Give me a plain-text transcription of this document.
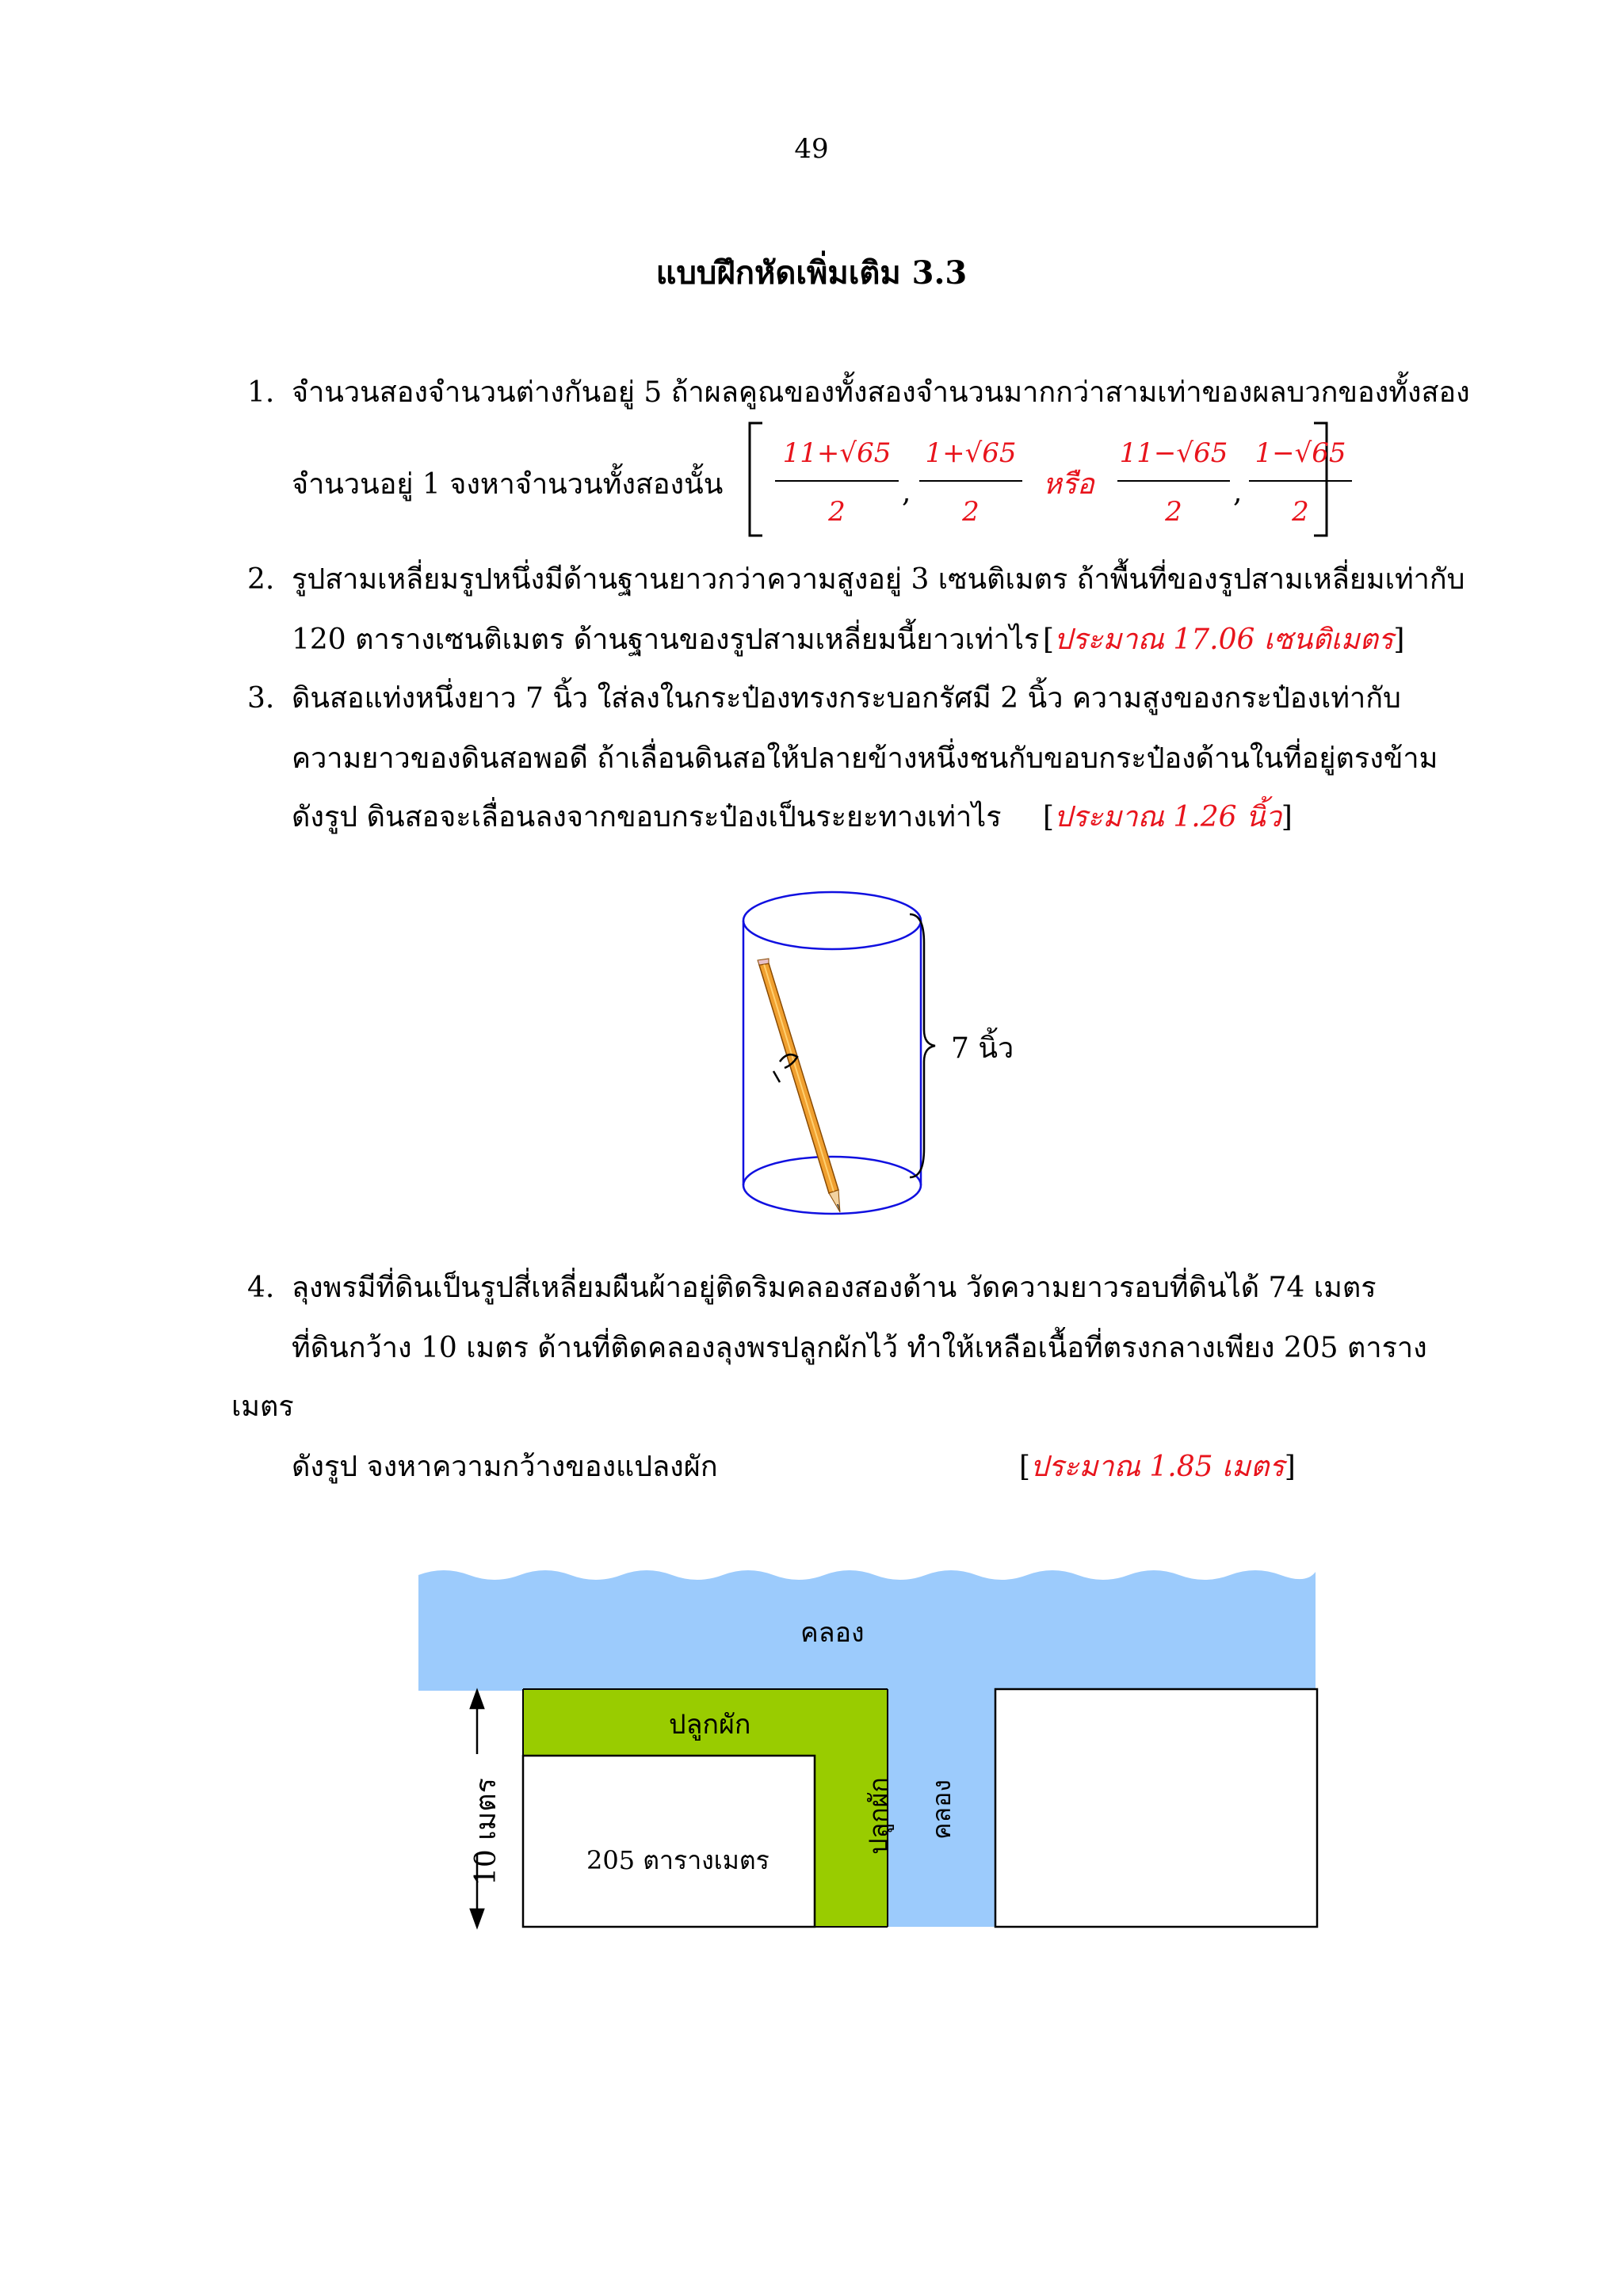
49
แบบฝึกหัดเพิ่มเติม 3.3
1. จำนวนสองจำนวนต่างกันอยู่ 5 ถ้าผลคูณของทั้งสองจำนวนมากกว่าสามเท่าของผลบวกของทั้งสอง
จำนวนอยู่ 1 จงหาจำนวนทั้งสองนั้น
11+√65
2
,
1+√65
2
หรือ
11−√65
2
,
1−√65
2
2. รูปสามเหลี่ยมรูปหนึ่งมีด้านฐานยาวกว่าความสูงอยู่ 3 เซนติเมตร ถ้าพื้นที่ของรูปสามเหลี่ยมเท่ากับ
120 ตารางเซนติเมตร ด้านฐานของรูปสามเหลี่ยมนี้ยาวเท่าไร [ประมาณ 17.06 เซนติเมตร]
3. ดินสอแท่งหนึ่งยาว 7 นิ้ว ใส่ลงในกระป๋องทรงกระบอกรัศมี 2 นิ้ว ความสูงของกระป๋องเท่ากับ
ความยาวของดินสอพอดี ถ้าเลื่อนดินสอให้ปลายข้างหนึ่งชนกับขอบกระป๋องด้านในที่อยู่ตรงข้าม
ดังรูป ดินสอจะเลื่อนลงจากขอบกระป๋องเป็นระยะทางเท่าไร [ประมาณ 1.26 นิ้ว]
7 นิ้ว
4. ลุงพรมีที่ดินเป็นรูปสี่เหลี่ยมผืนผ้าอยู่ติดริมคลองสองด้าน วัดความยาวรอบที่ดินได้ 74 เมตร
ที่ดินกว้าง 10 เมตร ด้านที่ติดคลองลุงพรปลูกผักไว้ ทำให้เหลือเนื้อที่ตรงกลางเพียง 205 ตาราง
เมตร
ดังรูป จงหาความกว้างของแปลงผัก	[ประมาณ 1.85 เมตร]
คลอง
ปลูกผัก
205 ตารางเมตร
ปลูกผัก คลอง
10 เมตร
